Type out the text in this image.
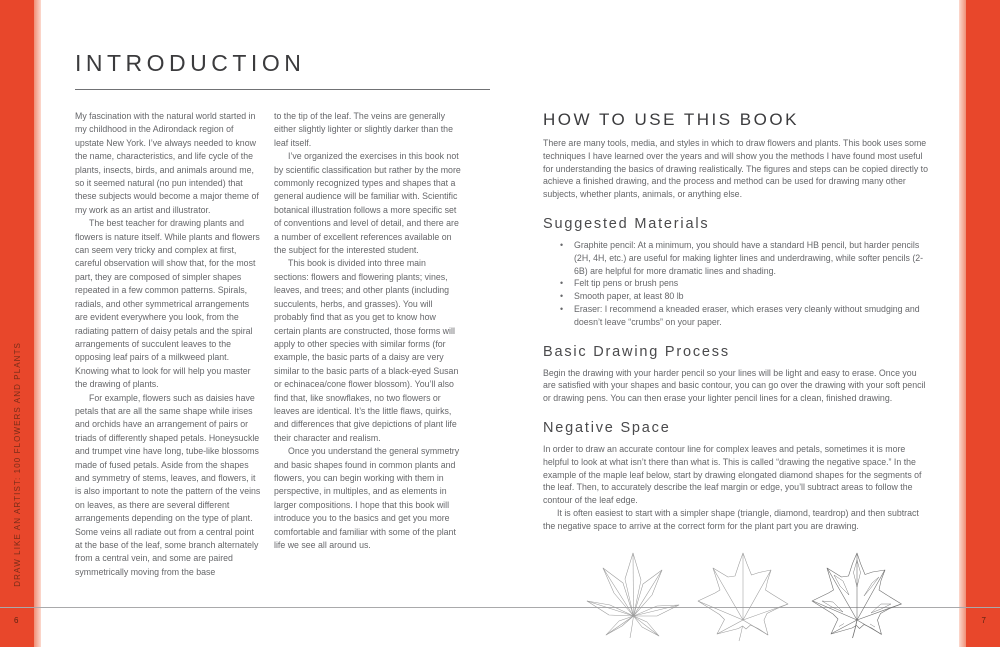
DRAW LIKE AN ARTIST: 100 FLOWERS AND PLANTS
6	7
INTRODUCTION

My fascination with the natural world started in my childhood in the Adirondack region of upstate New York. I’ve always needed to know the name, characteristics, and life cycle of the plants, insects, birds, and animals around me, so it seemed natural (no pun intended) that these subjects would become a major theme of my work as an artist and illustrator.

The best teacher for drawing plants and flowers is nature itself. While plants and flowers can seem very tricky and complex at first, careful observation will show that, for the most part, they are composed of simpler shapes repeated in a few common patterns. Spirals, radials, and other symmetrical arrangements are evident everywhere you look, from the radiating pattern of daisy petals and the spiral arrangements of succulent leaves to the opposing leaf pairs of a milkweed plant. Knowing what to look for will help you master the drawing of plants.

For example, flowers such as daisies have petals that are all the same shape while irises and orchids have an arrangement of pairs or triads of differently shaped petals. Honeysuckle and trumpet vine have long, tube-like blossoms made of fused petals. Aside from the shapes and symmetry of stems, leaves, and flowers, it is also important to note the pattern of the veins on leaves, as there are several different arrangements depending on the type of plant. Some veins all radiate out from a central point at the base of the leaf, some branch alternately from a central vein, and some are paired symmetrically moving from the base

to the tip of the leaf. The veins are generally either slightly lighter or slightly darker than the leaf itself.

I’ve organized the exercises in this book not by scientific classification but rather by the more commonly recognized types and shapes that a general audience will be familiar with. Scientific botanical illustration follows a more specific set of conventions and level of detail, and there are a number of excellent references available on the subject for the interested student.

This book is divided into three main sections: flowers and flowering plants; vines, leaves, and trees; and other plants (including succulents, herbs, and grasses). You will probably find that as you get to know how certain plants are constructed, those forms will apply to other species with similar forms (for example, the basic parts of a daisy are very similar to the basic parts of a black-eyed Susan or echinacea/cone flower blossom). You’ll also find that, like snowflakes, no two flowers or leaves are identical. It’s the little flaws, quirks, and differences that give depictions of plant life their character and realism.

Once you understand the general symmetry and basic shapes found in common plants and flowers, you can begin working with them in perspective, in multiples, and as elements in larger compositions. I hope that this book will introduce you to the basics and get you more comfortable and familiar with some of the plant life we see all around us.

HOW TO USE THIS BOOK

There are many tools, media, and styles in which to draw flowers and plants. This book uses some techniques I have learned over the years and will show you the methods I have found most useful for understanding the basics of drawing realistically. The figures and steps can be copied directly to achieve a finished drawing, and the process and method can be used for drawing many other subjects, whether plants, animals, or anything else.

Suggested Materials
• Graphite pencil: At a minimum, you should have a standard HB pencil, but harder pencils (2H, 4H, etc.) are useful for making lighter lines and underdrawing, while softer pencils (2-6B) are helpful for more dramatic lines and shading.
• Felt tip pens or brush pens
• Smooth paper, at least 80 lb
• Eraser: I recommend a kneaded eraser, which erases very cleanly without smudging and doesn’t leave “crumbs” on your paper.
Basic Drawing Process

Begin the drawing with your harder pencil so your lines will be light and easy to erase. Once you are satisfied with your shapes and basic contour, you can go over the drawing with your soft pencil or drawing pens. You can then erase your lighter pencil lines for a clean, finished drawing.

Negative Space

In order to draw an accurate contour line for complex leaves and petals, sometimes it is more helpful to look at what isn’t there than what is. This is called “drawing the negative space.” In the example of the maple leaf below, start by drawing elongated diamond shapes for the segments of the leaf. Then, to accurately describe the leaf margin or edge, you’ll subtract areas to follow the contour of the leaf edge.

It is often easiest to start with a simpler shape (triangle, diamond, teardrop) and then subtract the negative space to arrive at the correct form for the plant part you are drawing.
